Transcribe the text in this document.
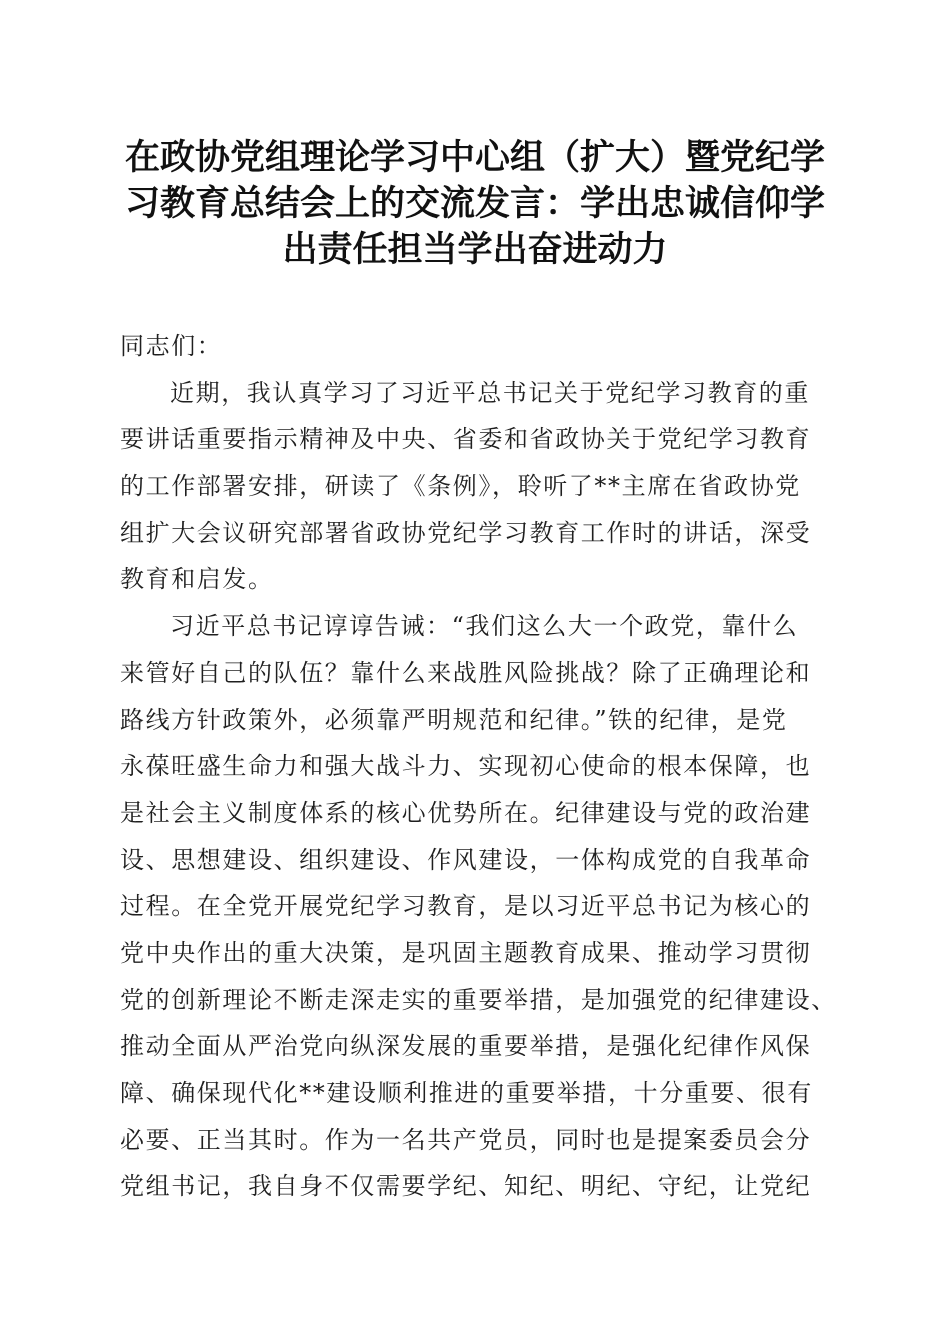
在政协党组理论学习中心组（扩大）暨党纪学
习教育总结会上的交流发言：学出忠诚信仰学
出责任担当学出奋进动力
同志们：
近期，我认真学习了习近平总书记关于党纪学习教育的重
要讲话重要指示精神及中央、省委和省政协关于党纪学习教育
的工作部署安排，研读了《条例》，聆听了**主席在省政协党
组扩大会议研究部署省政协党纪学习教育工作时的讲话，深受
教育和启发。
习近平总书记谆谆告诫：“我们这么大一个政党，靠什么
来管好自己的队伍？靠什么来战胜风险挑战？除了正确理论和
路线方针政策外，必须靠严明规范和纪律。”铁的纪律，是党
永葆旺盛生命力和强大战斗力、实现初心使命的根本保障，也
是社会主义制度体系的核心优势所在。纪律建设与党的政治建
设、思想建设、组织建设、作风建设，一体构成党的自我革命
过程。在全党开展党纪学习教育，是以习近平总书记为核心的
党中央作出的重大决策，是巩固主题教育成果、推动学习贯彻
党的创新理论不断走深走实的重要举措，是加强党的纪律建设、
推动全面从严治党向纵深发展的重要举措，是强化纪律作风保
障、确保现代化**建设顺利推进的重要举措，十分重要、很有
必要、正当其时。作为一名共产党员，同时也是提案委员会分
党组书记，我自身不仅需要学纪、知纪、明纪、守纪，让党纪
